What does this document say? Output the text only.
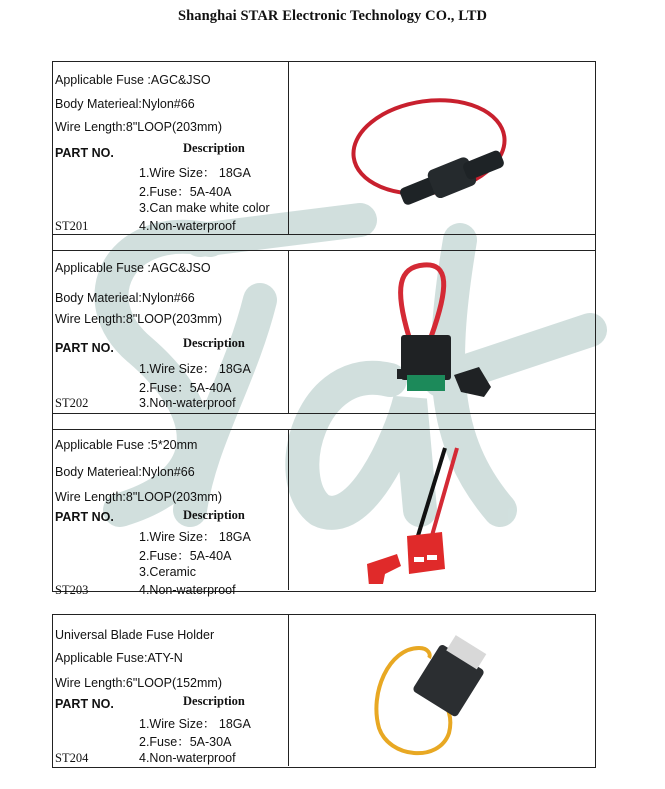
Shanghai STAR Electronic Technology CO., LTD
Applicable Fuse :AGC&JSO
Body Materieal:Nylon#66
Wire Length:8"LOOP(203mm)
PART NO.	Description
1.Wire Size： 18GA
2.Fuse：5A-40A
3.Can make white color
4.Non-waterproof
ST201
Applicable Fuse :AGC&JSO
Body Materieal:Nylon#66
Wire Length:8"LOOP(203mm)
PART NO.	Description
1.Wire Size： 18GA
2.Fuse：5A-40A
3.Non-waterproof
ST202
Applicable Fuse :5*20mm
Body Materieal:Nylon#66
Wire Length:8"LOOP(203mm)
PART NO.	Description
1.Wire Size： 18GA
2.Fuse：5A-40A
3.Ceramic
4.Non-waterproof
ST203
Universal Blade Fuse Holder
Applicable Fuse:ATY-N
Wire Length:6"LOOP(152mm)
PART NO.	Description
1.Wire Size： 18GA
2.Fuse：5A-30A
4.Non-waterproof
ST204
